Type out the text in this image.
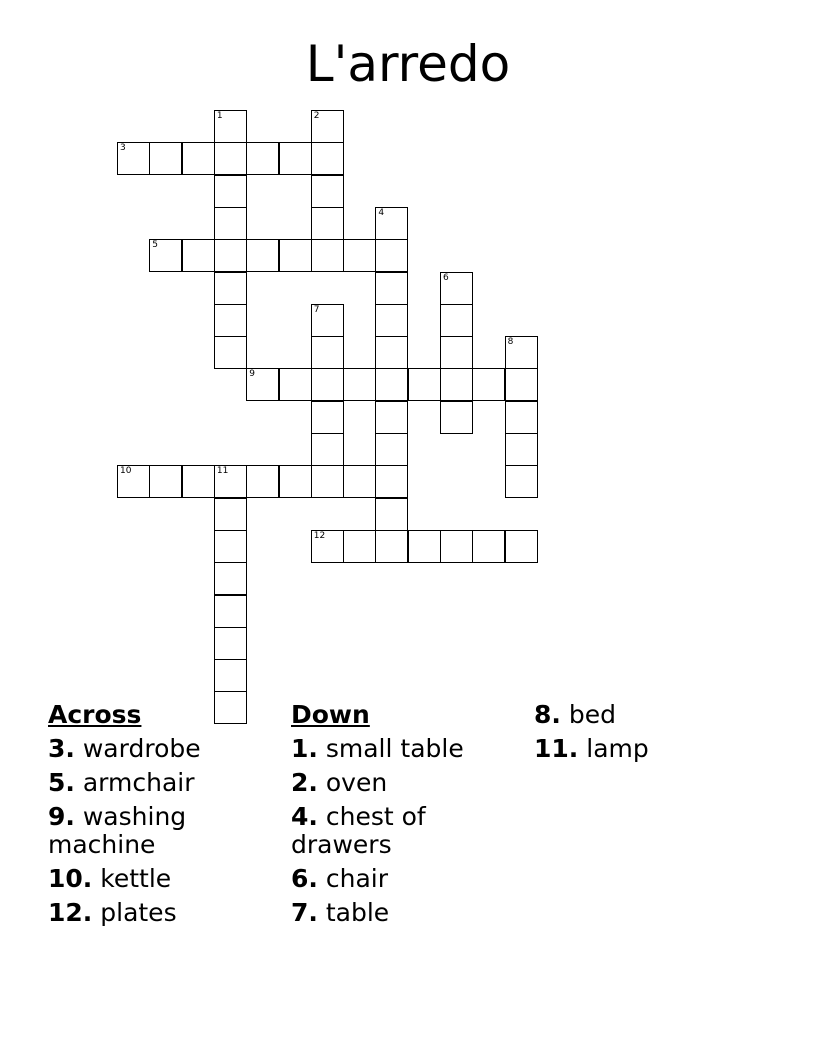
L'arredo
1	2
3
4
5
6
7
8
9
10	11
12
Across
3. wardrobe
5. armchair
9. washing machine
10. kettle
12. plates
Down
1. small table
2. oven
4. chest of drawers
6. chair
7. table
8. bed
11. lamp
